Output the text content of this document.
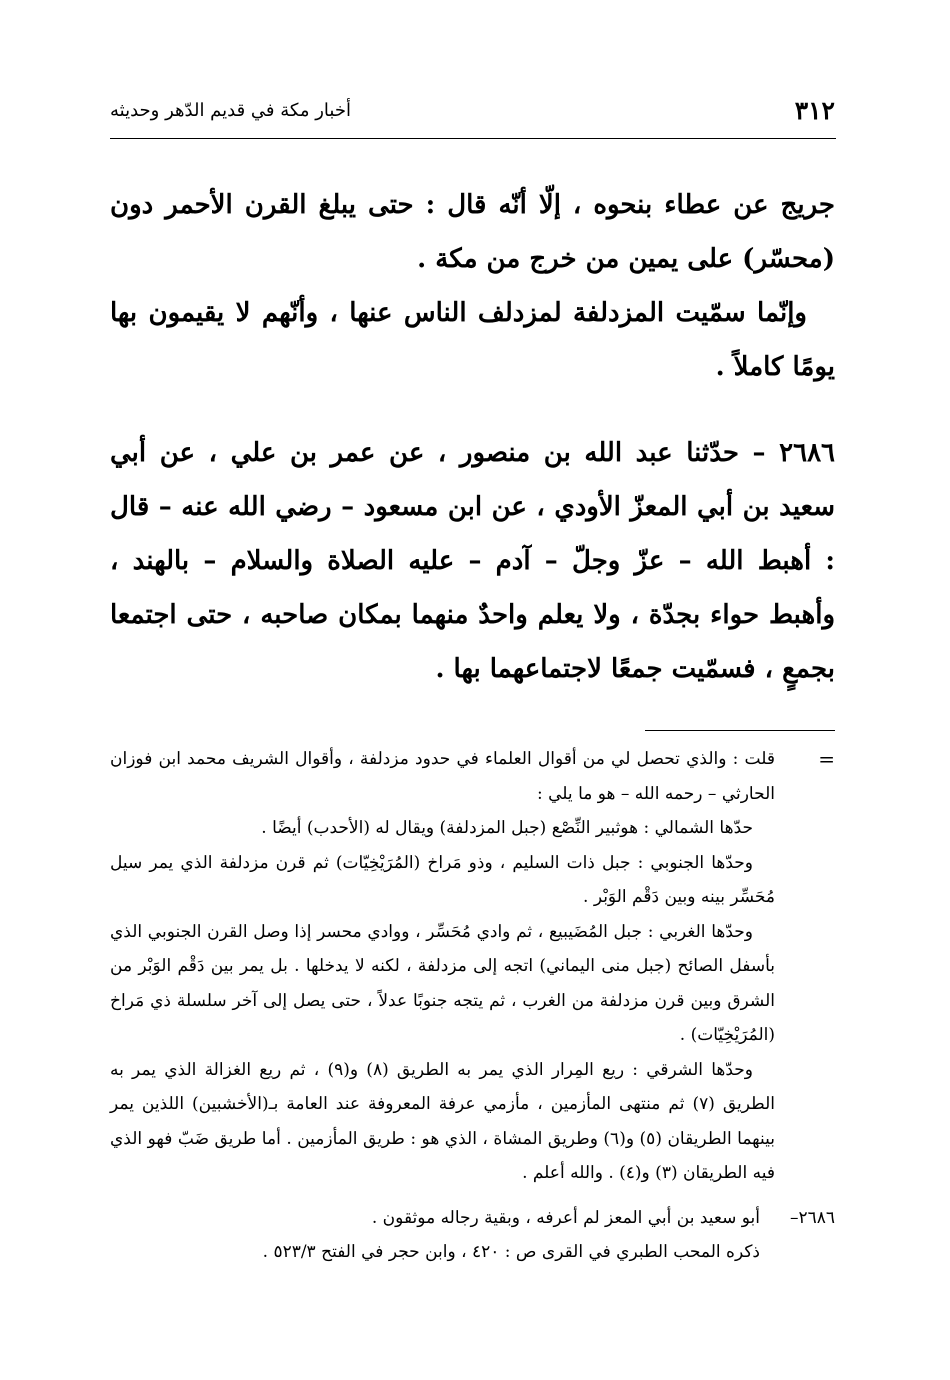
٣١٢
أخبار مكة في قديم الدّهر وحديثه

جريج عن عطاء بنحوه ، إلّا أنّه قال : حتى يبلغ القرن الأحمر دون (محسّر) على يمين من خرج من مكة .

وإنّما سمّيت المزدلفة لمزدلف الناس عنها ، وأنّهم لا يقيمون بها يومًا كاملاً .

٢٦٨٦ – حدّثنا عبد الله بن منصور ، عن عمر بن علي ، عن أبي سعيد بن أبي المعزّ الأودي ، عن ابن مسعود – رضي الله عنه – قال : أهبط الله – عزّ وجلّ – آدم – عليه الصلاة والسلام – بالهند ، وأهبط حواء بجدّة ، ولا يعلم واحدٌ منهما بمكان صاحبه ، حتى اجتمعا بجمعٍ ، فسمّيت جمعًا لاجتماعهما بها .

=

قلت : والذي تحصل لي من أقوال العلماء في حدود مزدلفة ، وأقوال الشريف محمد ابن فوزان الحارثي – رحمه الله – هو ما يلي :

حدّها الشمالي : هوثبير النِّصْع (جبل المزدلفة) ويقال له (الأحدب) أيضًا .

وحدّها الجنوبي : جبل ذات السليم ، وذو مَراخ (المُرَيْخِيّات) ثم قرن مزدلفة الذي يمر سيل مُحَسِّر بينه وبين دَقْم الوَبْر .

وحدّها الغربي : جبل المُضَيبيع ، ثم وادي مُحَسِّر ، ووادي محسر إذا وصل القرن الجنوبي الذي بأسفل الصائح (جبل منى اليماني) اتجه إلى مزدلفة ، لكنه لا يدخلها . بل يمر بين دَقْم الوَبْر من الشرق وبين قرن مزدلفة من الغرب ، ثم يتجه جنوبًا عدلاً ، حتى يصل إلى آخر سلسلة ذي مَراخ (المُرَيْخِيّات) .

وحدّها الشرقي : ريع المِرار الذي يمر به الطريق (٨) و(٩) ، ثم ريع الغزالة الذي يمر به الطريق (٧) ثم منتهى المأزمين ، مأزمي عرفة المعروفة عند العامة بـ(الأخشبين) اللذين يمر بينهما الطريقان (٥) و(٦) وطريق المشاة ، الذي هو : طريق المأزمين . أما طريق ضَبّ فهو الذي فيه الطريقان (٣) و(٤) . والله أعلم .

٢٦٨٦–

أبو سعيد بن أبي المعز لم أعرفه ، وبقية رجاله موثقون .

ذكره المحب الطبري في القرى ص : ٤٢٠ ، وابن حجر في الفتح ٥٢٣/٣ .
